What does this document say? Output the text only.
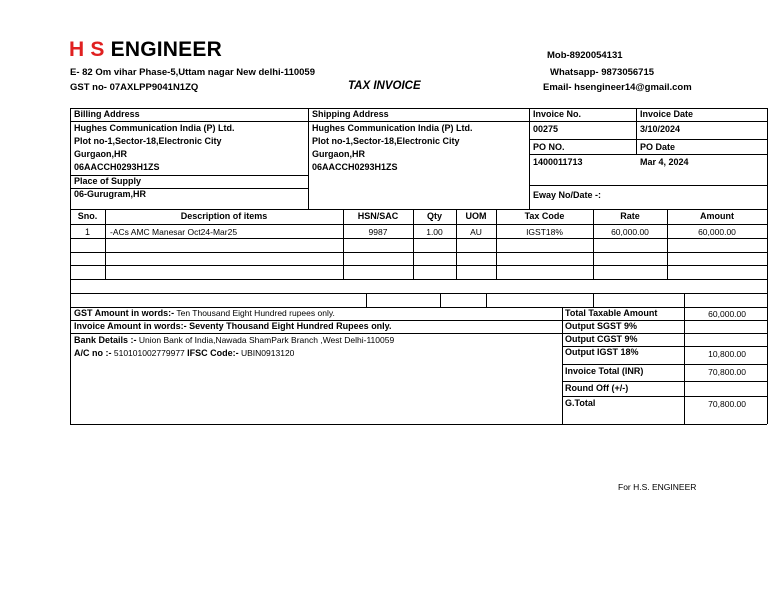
H S ENGINEER
E- 82 Om vihar Phase-5,Uttam nagar New delhi-110059
GST no- 07AXLPP9041N1ZQ	TAX INVOICE
Mob-8920054131
Whatsapp- 9873056715
Email- hsengineer14@gmail.com
Billing Address
Hughes Communication India (P) Ltd.
Plot no-1,Sector-18,Electronic City
Gurgaon,HR
06AACCH0293H1ZS
Place of Supply
06-Gurugram,HR
Shipping Address
Hughes Communication India (P) Ltd.
Plot no-1,Sector-18,Electronic City
Gurgaon,HR
06AACCH0293H1ZS
Invoice No.
00275
Invoice Date
3/10/2024
PO NO.
1400011713
PO Date
Mar 4, 2024
Eway No/Date -:
Sno.	Description of items	HSN/SAC	Qty	UOM	Tax Code	Rate	Amount
1	-ACs AMC Manesar Oct24-Mar25	9987	1.00	AU	IGST18%	60,000.00	60,000.00
GST Amount in words:- Ten Thousand Eight Hundred rupees only.
Invoice Amount in words:- Seventy Thousand Eight Hundred Rupees only.
Bank Details :- Union Bank of India,Nawada ShamPark Branch ,West Delhi-110059
A/C no :- 510101002779977 IFSC Code:- UBIN0913120
Total Taxable Amount	60,000.00
Output SGST 9%
Output CGST 9%
Output IGST 18%	10,800.00
Invoice Total (INR)	70,800.00
Round Off (+/-)
G.Total	70,800.00
For H.S. ENGINEER
